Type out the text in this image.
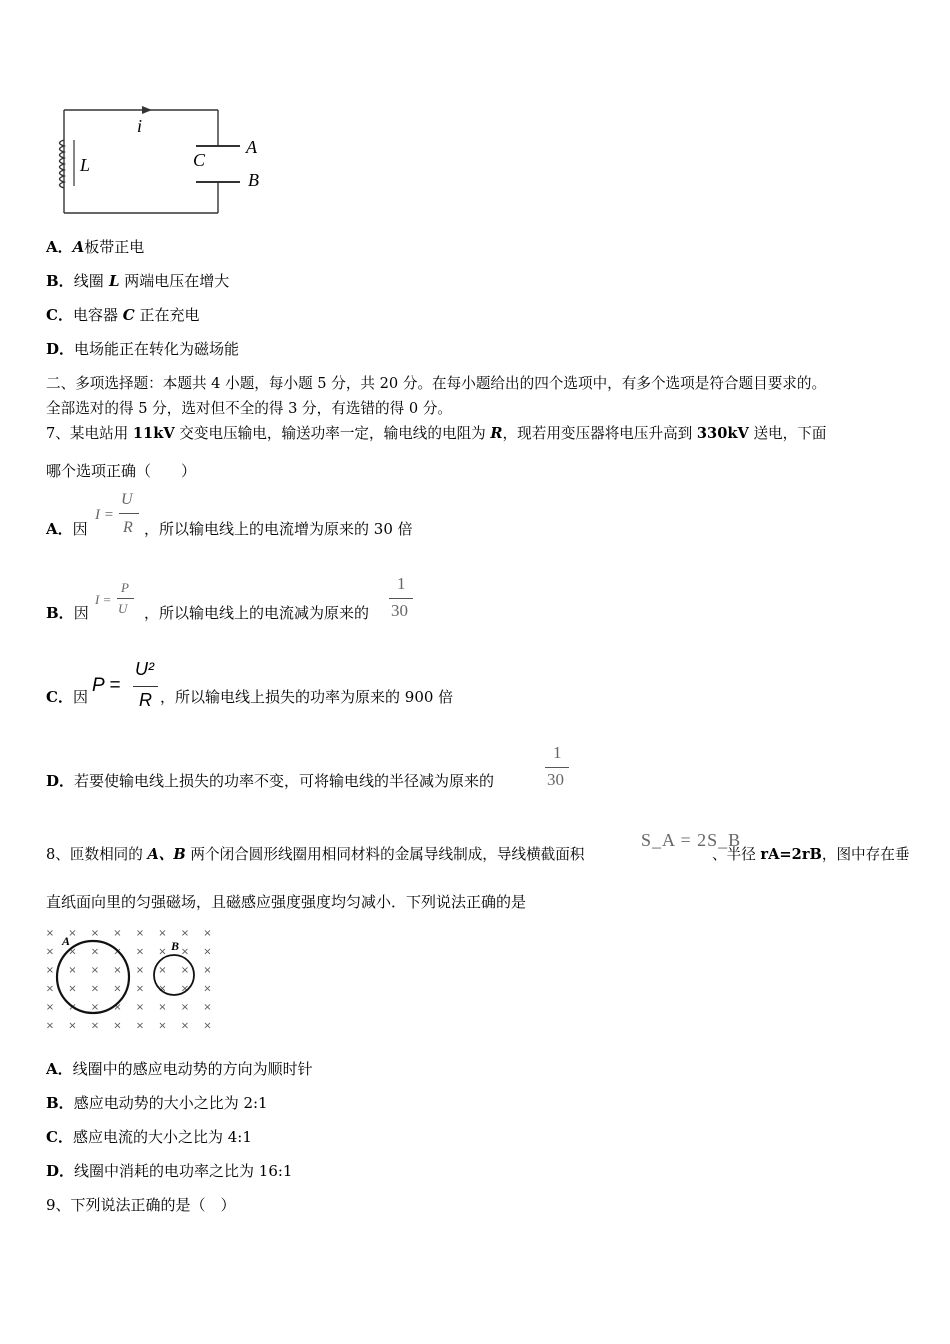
i
L	C
A
B
A．A板带正电
B．线圈 L 两端电压在增大
C．电容器 C 正在充电
D．电场能正在转化为磁场能
二、多项选择题：本题共 4 小题，每小题 5 分，共 20 分。在每小题给出的四个选项中，有多个选项是符合题目要求的。
全部选对的得 5 分，选对但不全的得 3 分，有选错的得 0 分。
7、某电站用 11kV 交变电压输电，输送功率一定，输电线的电阻为 R，现若用变压器将电压升高到 330kV 送电，下面
哪个选项正确（　　）
A．因
I =
U
R ，所以输电线上的电流增为原来的 30 倍
B．因
I =
P
U ，所以输电线上的电流减为原来的
1
30
C．因
P =
U²
R ，所以输电线上损失的功率为原来的 900 倍
D．若要使输电线上损失的功率不变，可将输电线的半径减为原来的
1
30
8、匝数相同的 A、B 两个闭合圆形线圈用相同材料的金属导线制成，导线横截面积
S_A = 2S_B
、半径 rA=2rB，图中存在垂
直纸面向里的匀强磁场，且磁感应强度强度均匀减小．下列说法正确的是
× × × × × × × ×
× × × × × × × ×
× × × × × × × ×
× × × × × × × ×
× × × × × × × ×
× × × × × × × ×
A	B
A．线圈中的感应电动势的方向为顺时针
B．感应电动势的大小之比为 2:1
C．感应电流的大小之比为 4:1
D．线圈中消耗的电功率之比为 16:1
9、下列说法正确的是（　）
